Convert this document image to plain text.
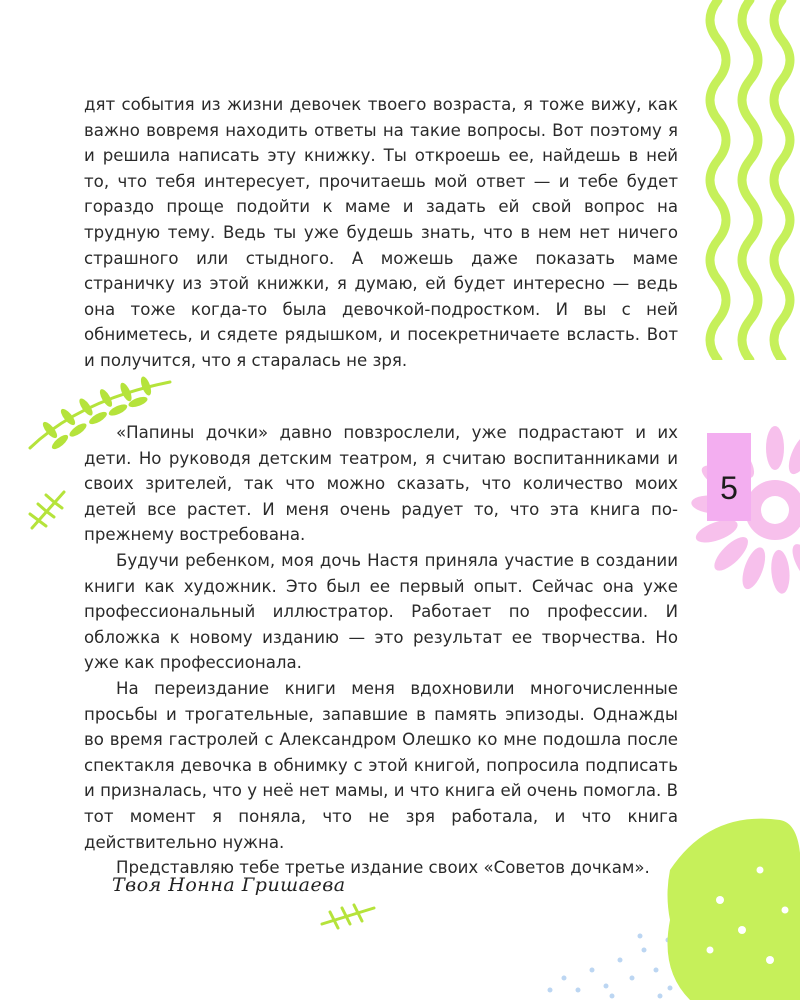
5

дят события из жизни девочек твоего возраста, я тоже вижу, как важно вовремя находить ответы на такие вопросы. Вот поэтому я и решила написать эту книжку. Ты откроешь ее, найдешь в ней то, что тебя интересует, прочитаешь мой ответ — и тебе будет гораздо проще подойти к маме и задать ей свой вопрос на трудную тему. Ведь ты уже будешь знать, что в нем нет ничего страшного или стыдного. А можешь даже показать маме страничку из этой книжки, я думаю, ей будет интересно — ведь она тоже когда-то была девочкой-подростком. И вы с ней обниметесь, и сядете рядышком, и посекретничаете всласть. Вот и получится, что я старалась не зря.

«Папины дочки» давно повзрослели, уже подрастают и их дети. Но руководя детским театром, я считаю воспитанниками и своих зрителей, так что можно сказать, что количество моих детей все растет. И меня очень радует то, что эта книга по-прежнему востребована.

Будучи ребенком, моя дочь Настя приняла участие в создании книги как художник. Это был ее первый опыт. Сейчас она уже профессиональный иллюстратор. Работает по профессии. И обложка к новому изданию — это результат ее творчества. Но уже как профессионала.

На переиздание книги меня вдохновили многочисленные просьбы и трогательные, запавшие в память эпизоды. Однажды во время гастролей с Александром Олешко ко мне подошла после спектакля девочка в обнимку с этой книгой, попросила подписать и призналась, что у неё нет мамы, и что книга ей очень помогла. В тот момент я поняла, что не зря работала, и что книга действительно нужна.

Представляю тебе третье издание своих «Советов дочкам».

Твоя Нонна Гришаева
